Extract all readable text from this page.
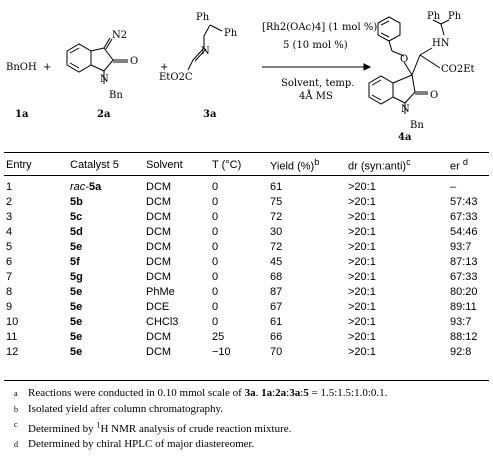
BnOH +	+
N2
O
N
Bn
Ph
Ph
N
EtO2C
[Rh2(OAc)4] (1 mol %)
5 (10 mol %)
Solvent, temp.
4Å MS
O
HN
Ph Ph
CO2Et
O
N
Bn
1a	2a	3a
4a
Entry	Catalyst 5	Solvent	T (°C)	Yield (%)$^b$	dr (syn:anti)$^c$	er $^d$
1	rac-5a	DCM	0	61	>20:1	–
2	5b	DCM	0	75	>20:1	57:43
3	5c	DCM	0	72	>20:1	67:33
4	5d	DCM	0	30	>20:1	54:46
5	5e	DCM	0	72	>20:1	93:7
6	5f	DCM	0	45	>20:1	87:13
7	5g	DCM	0	68	>20:1	67:33
8	5e	PhMe	0	87	>20:1	80:20
9	5e	DCE	0	67	>20:1	89:11
10	5e	CHCl3	0	61	>20:1	93:7
11	5e	DCM	25	66	>20:1	88:12
12	5e	DCM	−10	70	>20:1	92:8
a Reactions were conducted in 0.10 mmol scale of 3a. 1a:2a:3a:5 = 1.5:1.5:1.0:0.1.
b Isolated yield after column chromatography.
c Determined by $^1$H NMR analysis of crude reaction mixture.
d Determined by chiral HPLC of major diastereomer.
